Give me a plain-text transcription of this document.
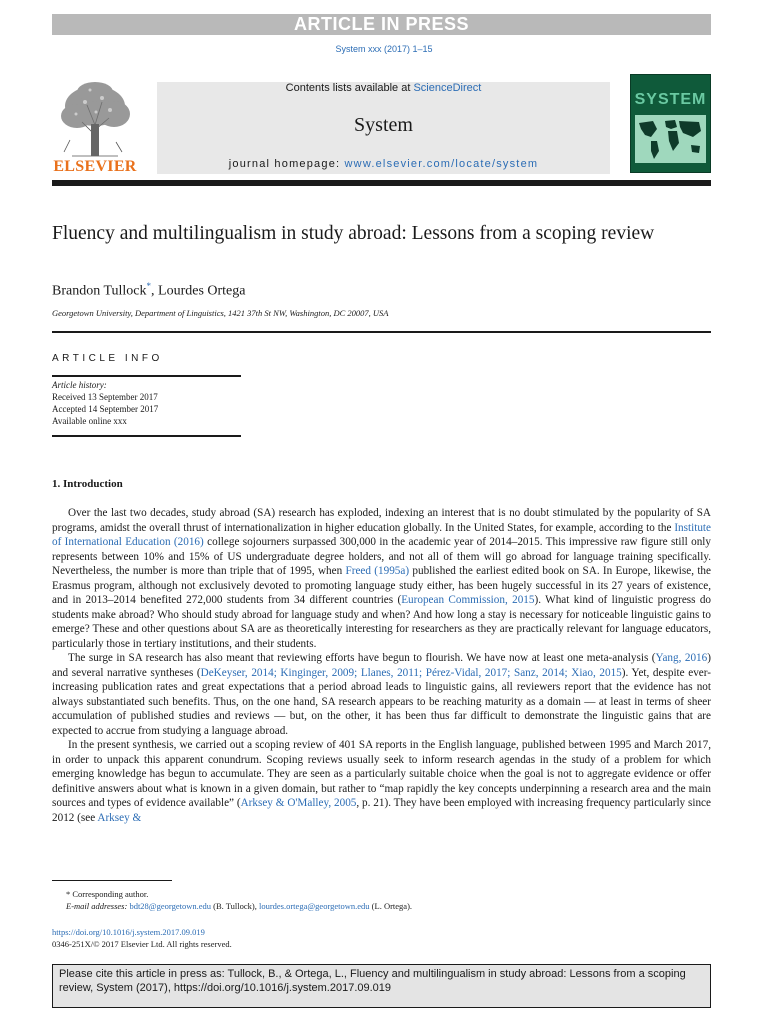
ARTICLE IN PRESS
System xxx (2017) 1–15
ELSEVIER
Contents lists available at ScienceDirect
System
journal homepage: www.elsevier.com/locate/system
SYSTEM
Fluency and multilingualism in study abroad: Lessons from a scoping review
Brandon Tullock*, Lourdes Ortega
Georgetown University, Department of Linguistics, 1421 37th St NW, Washington, DC 20007, USA
ARTICLE INFO
Article history:
Received 13 September 2017
Accepted 14 September 2017
Available online xxx
1. Introduction

Over the last two decades, study abroad (SA) research has exploded, indexing an interest that is no doubt stimulated by the popularity of SA programs, amidst the overall thrust of internationalization in higher education globally. In the United States, for example, according to the Institute of International Education (2016) college sojourners surpassed 300,000 in the academic year of 2014–2015. This impressive raw figure still only represents between 10% and 15% of US undergraduate degree holders, and not all of them will go abroad for language training specifically. Nevertheless, the number is more than triple that of 1995, when Freed (1995a) published the earliest edited book on SA. In Europe, likewise, the Erasmus program, although not exclusively devoted to promoting language study either, has been hugely successful in its 27 years of existence, and in 2013–2014 benefited 272,000 students from 34 different countries (European Commission, 2015). What kind of linguistic progress do students make abroad? Who should study abroad for language study and when? And how long a stay is necessary for noticeable linguistic gains to emerge? These and other questions about SA are as theoretically interesting for researchers as they are practically relevant for language educators, particularly those in tertiary institutions, and their students.

The surge in SA research has also meant that reviewing efforts have begun to flourish. We have now at least one meta-analysis (Yang, 2016) and several narrative syntheses (DeKeyser, 2014; Kinginger, 2009; Llanes, 2011; Pérez-Vidal, 2017; Sanz, 2014; Xiao, 2015). Yet, despite ever-increasing publication rates and great expectations that a period abroad leads to linguistic gains, all reviewers report that the evidence has not always substantiated such benefits. Thus, on the one hand, SA research appears to be reaching maturity as a domain — at least in terms of sheer accumulation of published studies and reviews — but, on the other, it has been thus far difficult to demonstrate the linguistic gains that are expected to accrue from studying a language abroad.

In the present synthesis, we carried out a scoping review of 401 SA reports in the English language, published between 1995 and March 2017, in order to unpack this apparent conundrum. Scoping reviews usually seek to inform research agendas in the study of a problem for which emerging knowledge has begun to accumulate. They are seen as a particularly suitable choice when the goal is not to aggregate evidence or offer definitive answers about what is known in a given domain, but rather to “map rapidly the key concepts underpinning a research area and the main sources and types of evidence available” (Arksey & O'Malley, 2005, p. 21). They have been employed with increasing frequency particularly since 2012 (see Arksey &

* Corresponding author.
E-mail addresses: bdt28@georgetown.edu (B. Tullock), lourdes.ortega@georgetown.edu (L. Ortega).
https://doi.org/10.1016/j.system.2017.09.019
0346-251X/© 2017 Elsevier Ltd. All rights reserved.
Please cite this article in press as: Tullock, B., & Ortega, L., Fluency and multilingualism in study abroad: Lessons from a scoping review, System (2017), https://doi.org/10.1016/j.system.2017.09.019
